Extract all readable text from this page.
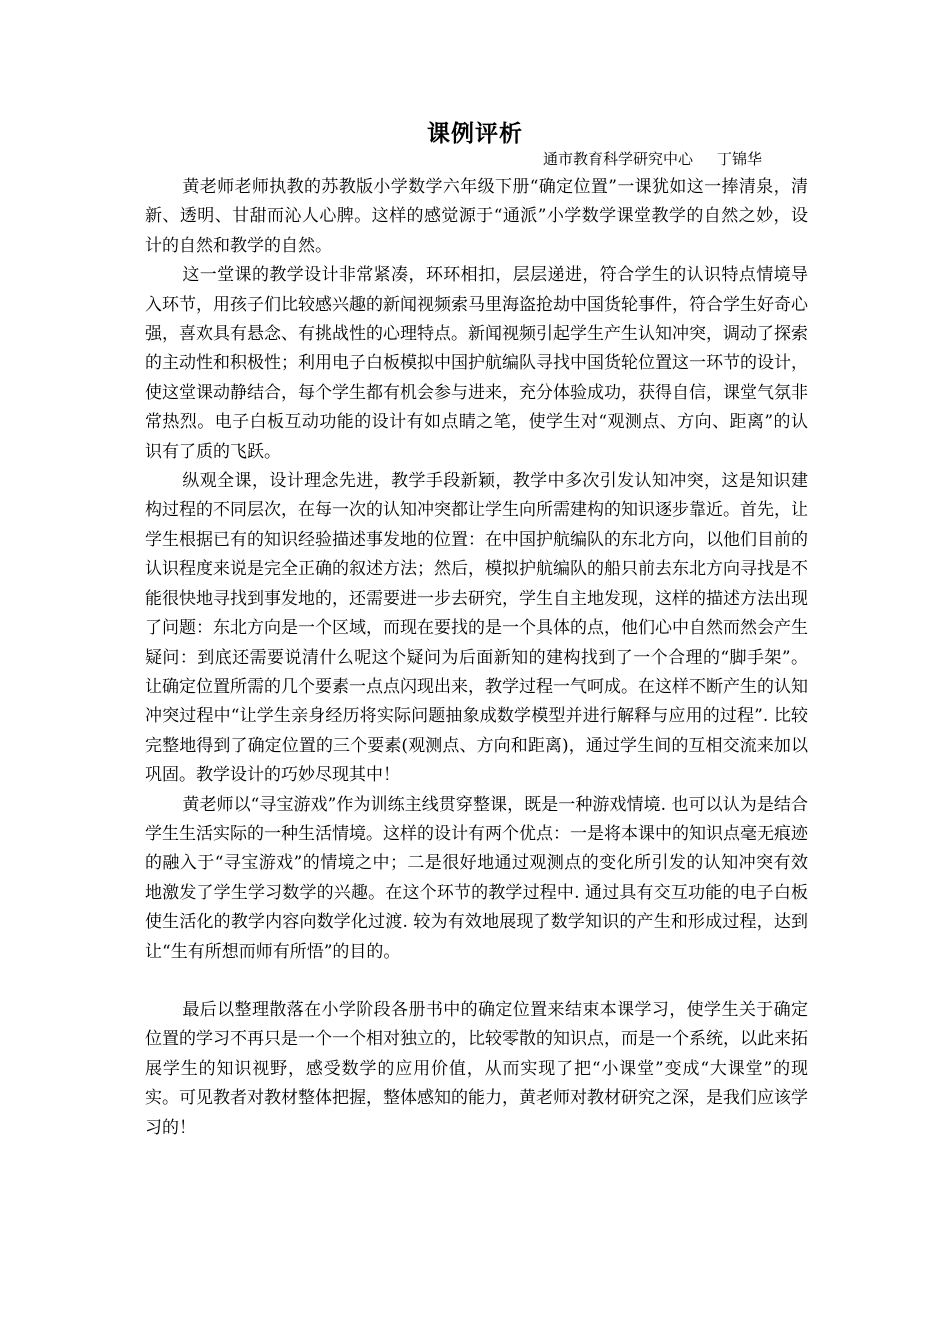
课例评析
通市教育科学研究中心 丁锦华

黄老师老师执教的苏教版小学数学六年级下册“确定位置”一课犹如这一捧清泉，清新、透明、甘甜而沁人心脾。这样的感觉源于“通派”小学数学课堂教学的自然之妙，设计的自然和教学的自然。

这一堂课的教学设计非常紧凑，环环相扣，层层递进，符合学生的认识特点情境导入环节，用孩子们比较感兴趣的新闻视频索马里海盗抢劫中国货轮事件，符合学生好奇心强，喜欢具有悬念、有挑战性的心理特点。新闻视频引起学生产生认知冲突，调动了探索的主动性和积极性；利用电子白板模拟中国护航编队寻找中国货轮位置这一环节的设计，使这堂课动静结合，每个学生都有机会参与进来，充分体验成功，获得自信，课堂气氛非常热烈。电子白板互动功能的设计有如点睛之笔，使学生对“观测点、方向、距离”的认识有了质的飞跃。

纵观全课，设计理念先进，教学手段新颖，教学中多次引发认知冲突，这是知识建构过程的不同层次，在每一次的认知冲突都让学生向所需建构的知识逐步靠近。首先，让学生根据已有的知识经验描述事发地的位置：在中国护航编队的东北方向，以他们目前的认识程度来说是完全正确的叙述方法；然后，模拟护航编队的船只前去东北方向寻找是不能很快地寻找到事发地的，还需要进一步去研究，学生自主地发现，这样的描述方法出现了问题：东北方向是一个区域，而现在要找的是一个具体的点，他们心中自然而然会产生疑问：到底还需要说清什么呢这个疑问为后面新知的建构找到了一个合理的“脚手架”。让确定位置所需的几个要素一点点闪现出来，教学过程一气呵成。在这样不断产生的认知冲突过程中“让学生亲身经历将实际问题抽象成数学模型并进行解释与应用的过程”. 比较完整地得到了确定位置的三个要素(观测点、方向和距离)，通过学生间的互相交流来加以巩固。教学设计的巧妙尽现其中！

黄老师以“寻宝游戏”作为训练主线贯穿整课，既是一种游戏情境. 也可以认为是结合学生生活实际的一种生活情境。这样的设计有两个优点：一是将本课中的知识点毫无痕迹的融入于“寻宝游戏”的情境之中；二是很好地通过观测点的变化所引发的认知冲突有效地激发了学生学习数学的兴趣。在这个环节的教学过程中. 通过具有交互功能的电子白板使生活化的教学内容向数学化过渡. 较为有效地展现了数学知识的产生和形成过程，达到让“生有所想而师有所悟”的目的。

最后以整理散落在小学阶段各册书中的确定位置来结束本课学习，使学生关于确定位置的学习不再只是一个一个相对独立的，比较零散的知识点，而是一个系统，以此来拓展学生的知识视野，感受数学的应用价值，从而实现了把“小课堂”变成“大课堂”的现实。可见教者对教材整体把握，整体感知的能力，黄老师对教材研究之深，是我们应该学习的！
